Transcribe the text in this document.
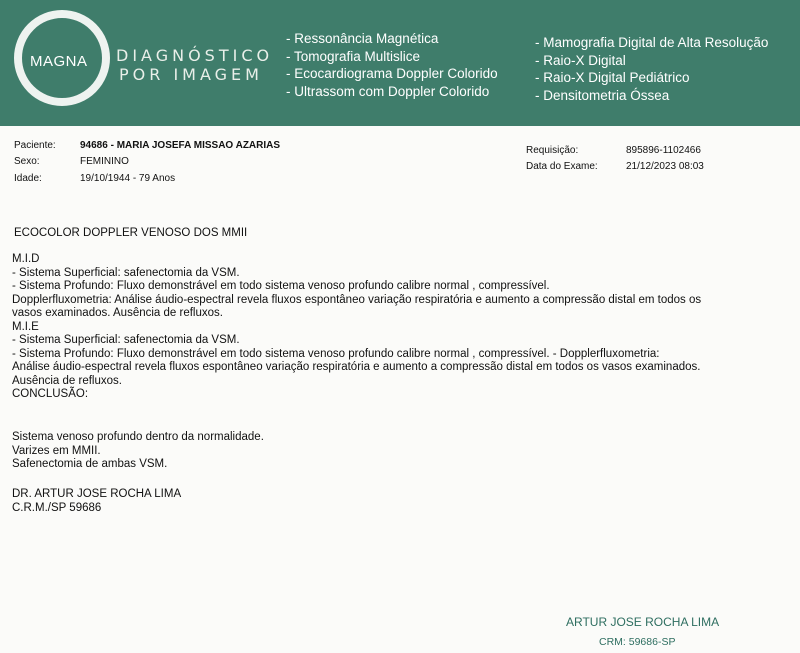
MAGNA DIAGNÓSTICO
POR IMAGEM
- Ressonância Magnética
- Tomografia Multislice
- Ecocardiograma Doppler Colorido
- Ultrassom com Doppler Colorido
- Mamografia Digital de Alta Resolução
- Raio-X Digital
- Raio-X Digital Pediátrico
- Densitometria Óssea
Paciente: 94686 - MARIA JOSEFA MISSAO AZARIAS
Sexo:	FEMININO
Idade:	19/10/1944 - 79 Anos
Requisição:	895896-1102466
Data do Exame:	21/12/2023 08:03
ECOCOLOR DOPPLER VENOSO DOS MMII
M.I.D
- Sistema Superficial: safenectomia da VSM.
- Sistema Profundo: Fluxo demonstrável em todo sistema venoso profundo calibre normal , compressível.
Dopplerfluxometria: Análise áudio-espectral revela fluxos espontâneo variação respiratória e aumento a compressão distal em todos os
vasos examinados. Ausência de refluxos.
M.I.E
- Sistema Superficial: safenectomia da VSM.
- Sistema Profundo: Fluxo demonstrável em todo sistema venoso profundo calibre normal , compressível. - Dopplerfluxometria:
Análise áudio-espectral revela fluxos espontâneo variação respiratória e aumento a compressão distal em todos os vasos examinados.
Ausência de refluxos.
CONCLUSÃO:
Sistema venoso profundo dentro da normalidade.
Varizes em MMII.
Safenectomia de ambas VSM.
DR. ARTUR JOSE ROCHA LIMA
C.R.M./SP 59686
ARTUR JOSE ROCHA LIMA
CRM: 59686-SP
